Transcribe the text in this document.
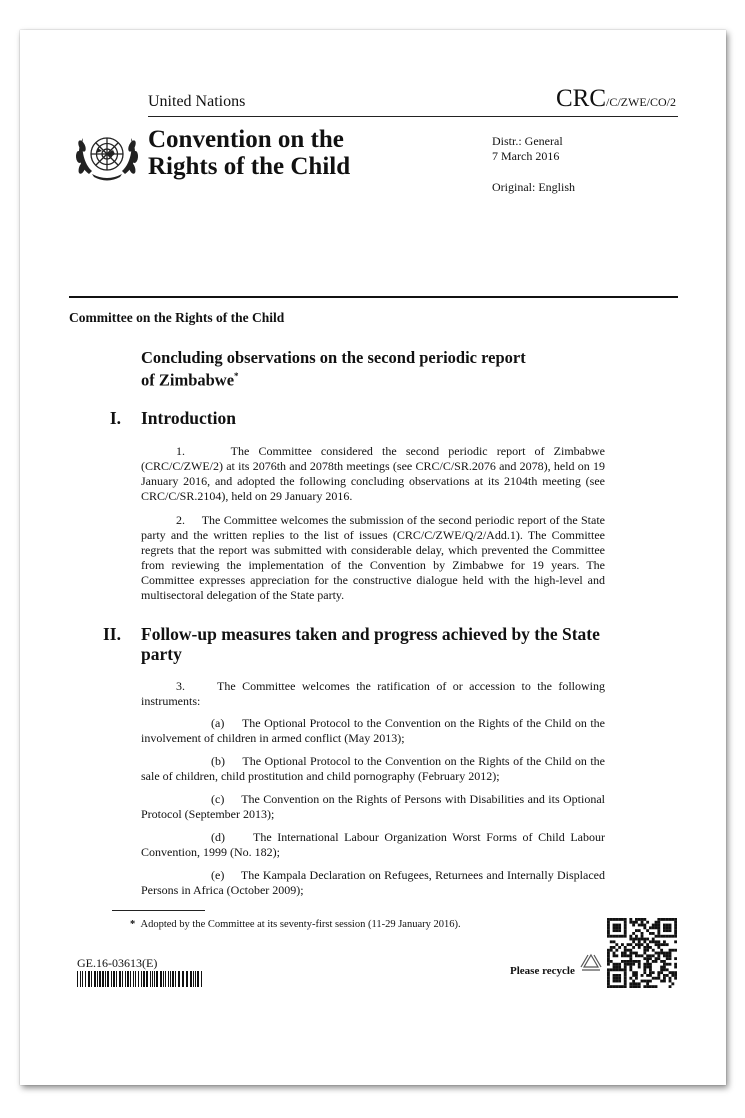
United Nations	CRC/C/ZWE/CO/2
Convention on the
Rights of the Child
Distr.: General
7 March 2016
Original: English
Committee on the Rights of the Child
Concluding observations on the second periodic report
of Zimbabwe*
I. Introduction
1.     The Committee considered the second periodic report of Zimbabwe (CRC/C/ZWE/2) at its 2076th and 2078th meetings (see CRC/C/SR.2076 and 2078), held on 19 January 2016, and adopted the following concluding observations at its 2104th meeting (see CRC/C/SR.2104), held on 29 January 2016.
2.     The Committee welcomes the submission of the second periodic report of the State party and the written replies to the list of issues (CRC/C/ZWE/Q/2/Add.1). The Committee regrets that the report was submitted with considerable delay, which prevented the Committee from reviewing the implementation of the Convention by Zimbabwe for 19 years. The Committee expresses appreciation for the constructive dialogue held with the high-level and multisectoral delegation of the State party.
II. Follow-up measures taken and progress achieved by the State
party
3.     The Committee welcomes the ratification of or accession to the following instruments:
(a) The Optional Protocol to the Convention on the Rights of the Child on the involvement of children in armed conflict (May 2013);
(b) The Optional Protocol to the Convention on the Rights of the Child on the sale of children, child prostitution and child pornography (February 2012);
(c) The Convention on the Rights of Persons with Disabilities and its Optional Protocol (September 2013);
(d) The International Labour Organization Worst Forms of Child Labour Convention, 1999 (No. 182);
(e) The Kampala Declaration on Refugees, Returnees and Internally Displaced Persons in Africa (October 2009);
* Adopted by the Committee at its seventy-first session (11-29 January 2016).
GE.16-03613(E)
Please recycle
